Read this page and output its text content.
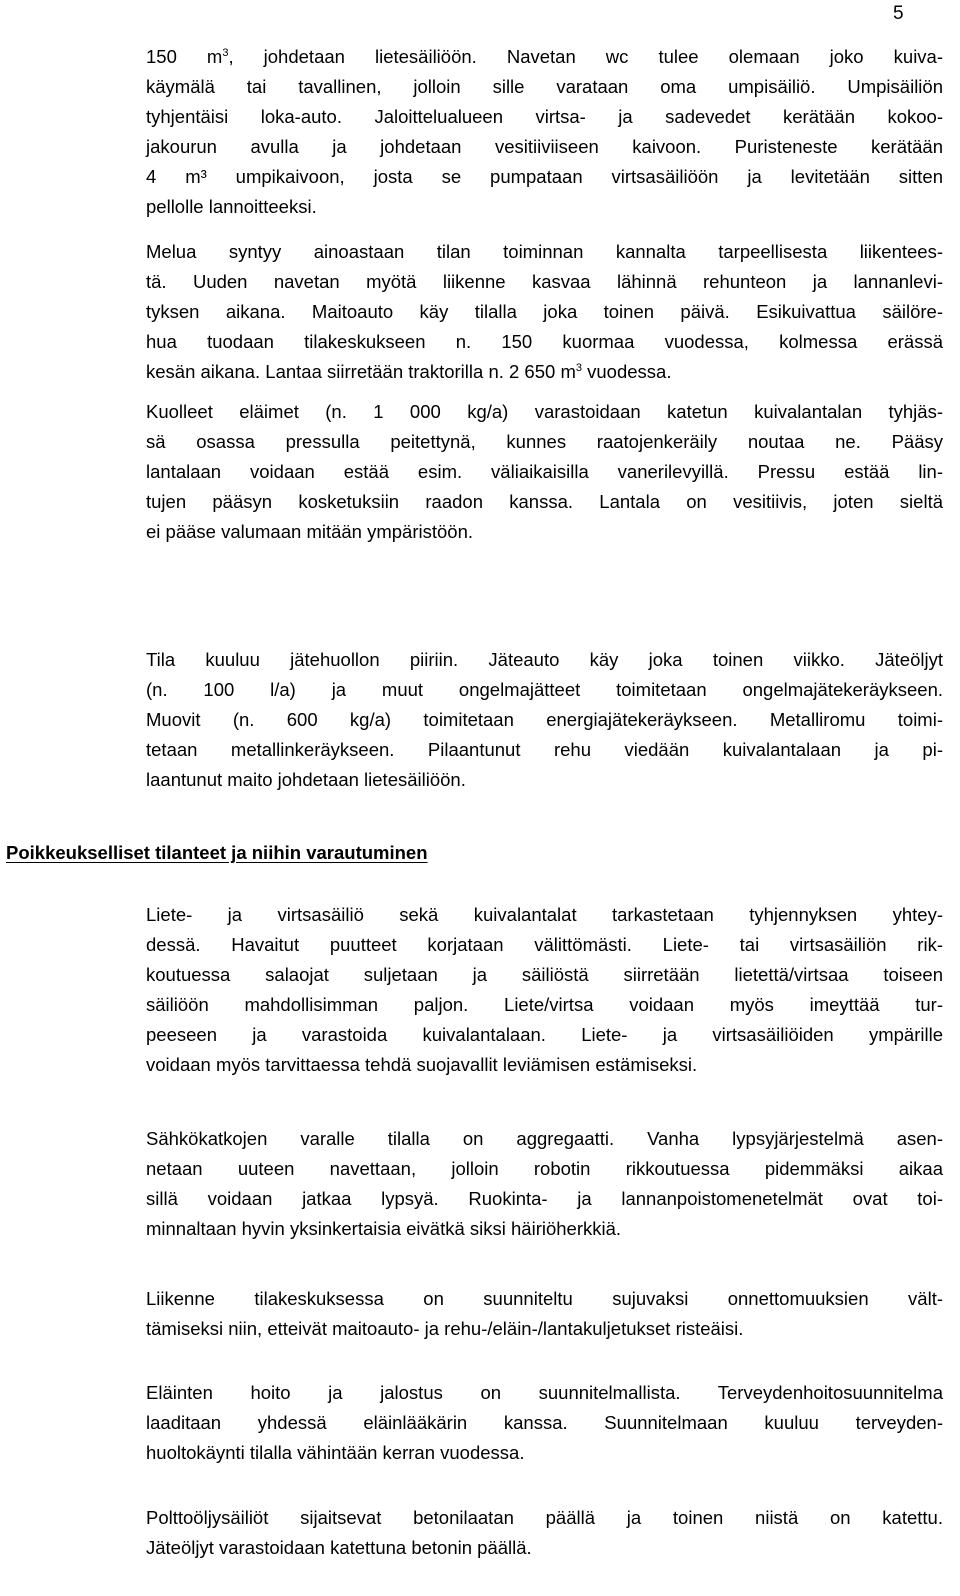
5
150 $m^3$, johdetaan lietesäiliöön. Navetan wc tulee olemaan joko kuiva-
käymälä tai tavallinen, jolloin sille varataan oma umpisäiliö. Umpisäiliön
tyhjentäisi loka-auto. Jaloittelualueen virtsa- ja sadevedet kerätään kokoo-
jakourun avulla ja johdetaan vesitiiviiseen kaivoon. Puristeneste kerätään
4 m³ umpikaivoon, josta se pumpataan virtsasäiliöön ja levitetään sitten
pellolle lannoitteeksi.
Melua syntyy ainoastaan tilan toiminnan kannalta tarpeellisesta liikentees-
tä. Uuden navetan myötä liikenne kasvaa lähinnä rehunteon ja lannanlevi-
tyksen aikana. Maitoauto käy tilalla joka toinen päivä. Esikuivattua säilöre-
hua tuodaan tilakeskukseen n. 150 kuormaa vuodessa, kolmessa erässä
kesän aikana. Lantaa siirretään traktorilla n. 2 650 $m^3$ vuodessa.
Kuolleet eläimet (n. 1 000 kg/a) varastoidaan katetun kuivalantalan tyhjäs-
sä osassa pressulla peitettynä, kunnes raatojenkeräily noutaa ne. Pääsy
lantalaan voidaan estää esim. väliaikaisilla vanerilevyillä. Pressu estää lin-
tujen pääsyn kosketuksiin raadon kanssa. Lantala on vesitiivis, joten sieltä
ei pääse valumaan mitään ympäristöön.
Tila kuuluu jätehuollon piiriin. Jäteauto käy joka toinen viikko. Jäteöljyt
(n. 100 l/a) ja muut ongelmajätteet toimitetaan ongelmajätekeräykseen.
Muovit (n. 600 kg/a) toimitetaan energiajätekeräykseen. Metalliromu toimi-
tetaan metallinkeräykseen. Pilaantunut rehu viedään kuivalantalaan ja pi-
laantunut maito johdetaan lietesäiliöön.
Poikkeukselliset tilanteet ja niihin varautuminen
Liete- ja virtsasäiliö sekä kuivalantalat tarkastetaan tyhjennyksen yhtey-
dessä. Havaitut puutteet korjataan välittömästi. Liete- tai virtsasäiliön rik-
koutuessa salaojat suljetaan ja säiliöstä siirretään lietettä/virtsaa toiseen
säiliöön mahdollisimman paljon. Liete/virtsa voidaan myös imeyttää tur-
peeseen ja varastoida kuivalantalaan. Liete- ja virtsasäiliöiden ympärille
voidaan myös tarvittaessa tehdä suojavallit leviämisen estämiseksi.
Sähkökatkojen varalle tilalla on aggregaatti. Vanha lypsyjärjestelmä asen-
netaan uuteen navettaan, jolloin robotin rikkoutuessa pidemmäksi aikaa
sillä voidaan jatkaa lypsyä. Ruokinta- ja lannanpoistomenetelmät ovat toi-
minnaltaan hyvin yksinkertaisia eivätkä siksi häiriöherkkiä.
Liikenne tilakeskuksessa on suunniteltu sujuvaksi onnettomuuksien vält-
tämiseksi niin, etteivät maitoauto- ja rehu-/eläin-/lantakuljetukset risteäisi.
Eläinten hoito ja jalostus on suunnitelmallista. Terveydenhoitosuunnitelma
laaditaan yhdessä eläinlääkärin kanssa. Suunnitelmaan kuuluu terveyden-
huoltokäynti tilalla vähintään kerran vuodessa.
Polttoöljysäiliöt sijaitsevat betonilaatan päällä ja toinen niistä on katettu.
Jäteöljyt varastoidaan katettuna betonin päällä.
